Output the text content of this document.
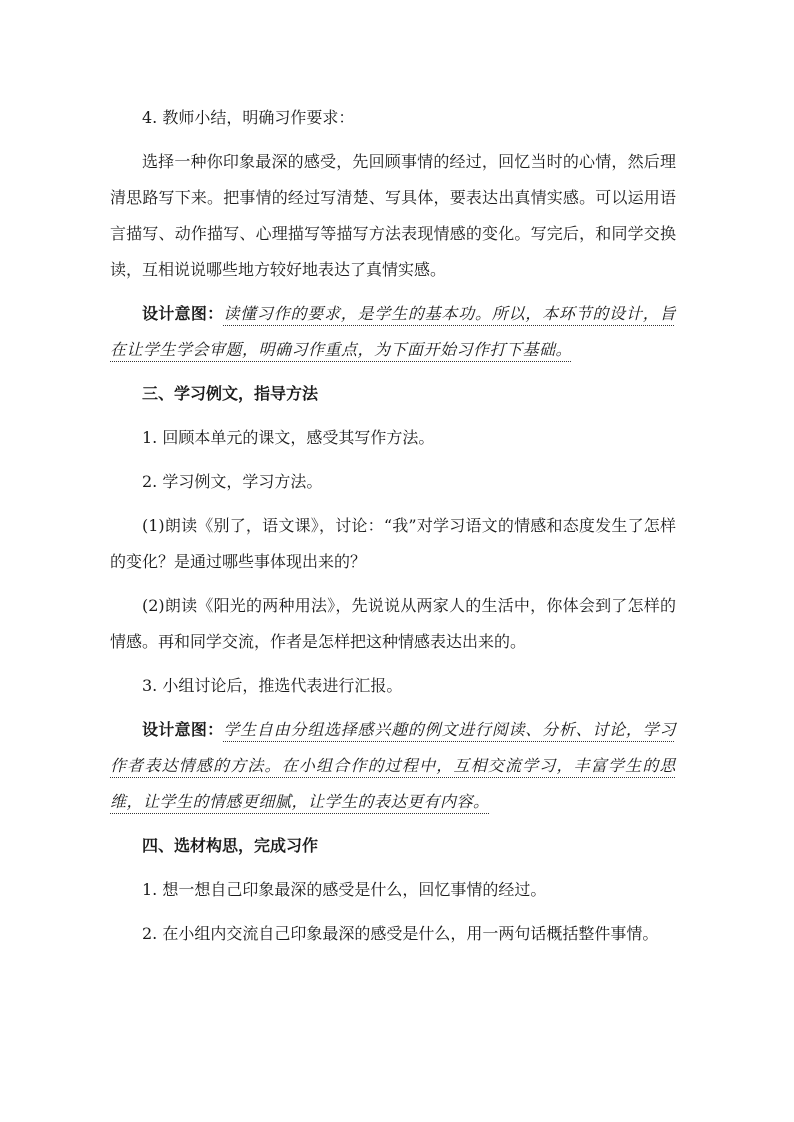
4. 教师小结，明确习作要求：

选择一种你印象最深的感受，先回顾事情的经过，回忆当时的心情，然后理清思路写下来。把事情的经过写清楚、写具体，要表达出真情实感。可以运用语言描写、动作描写、心理描写等描写方法表现情感的变化。写完后，和同学交换读，互相说说哪些地方较好地表达了真情实感。

设计意图：读懂习作的要求，是学生的基本功。所以，本环节的设计，旨在让学生学会审题，明确习作重点，为下面开始习作打下基础。

三、学习例文，指导方法

1. 回顾本单元的课文，感受其写作方法。

2. 学习例文，学习方法。

(1)朗读《别了，语文课》，讨论：“我”对学习语文的情感和态度发生了怎样的变化？是通过哪些事体现出来的？

(2)朗读《阳光的两种用法》，先说说从两家人的生活中，你体会到了怎样的情感。再和同学交流，作者是怎样把这种情感表达出来的。

3. 小组讨论后，推选代表进行汇报。

设计意图：学生自由分组选择感兴趣的例文进行阅读、分析、讨论，学习作者表达情感的方法。在小组合作的过程中，互相交流学习，丰富学生的思维，让学生的情感更细腻，让学生的表达更有内容。

四、选材构思，完成习作

1. 想一想自己印象最深的感受是什么，回忆事情的经过。

2. 在小组内交流自己印象最深的感受是什么，用一两句话概括整件事情。
